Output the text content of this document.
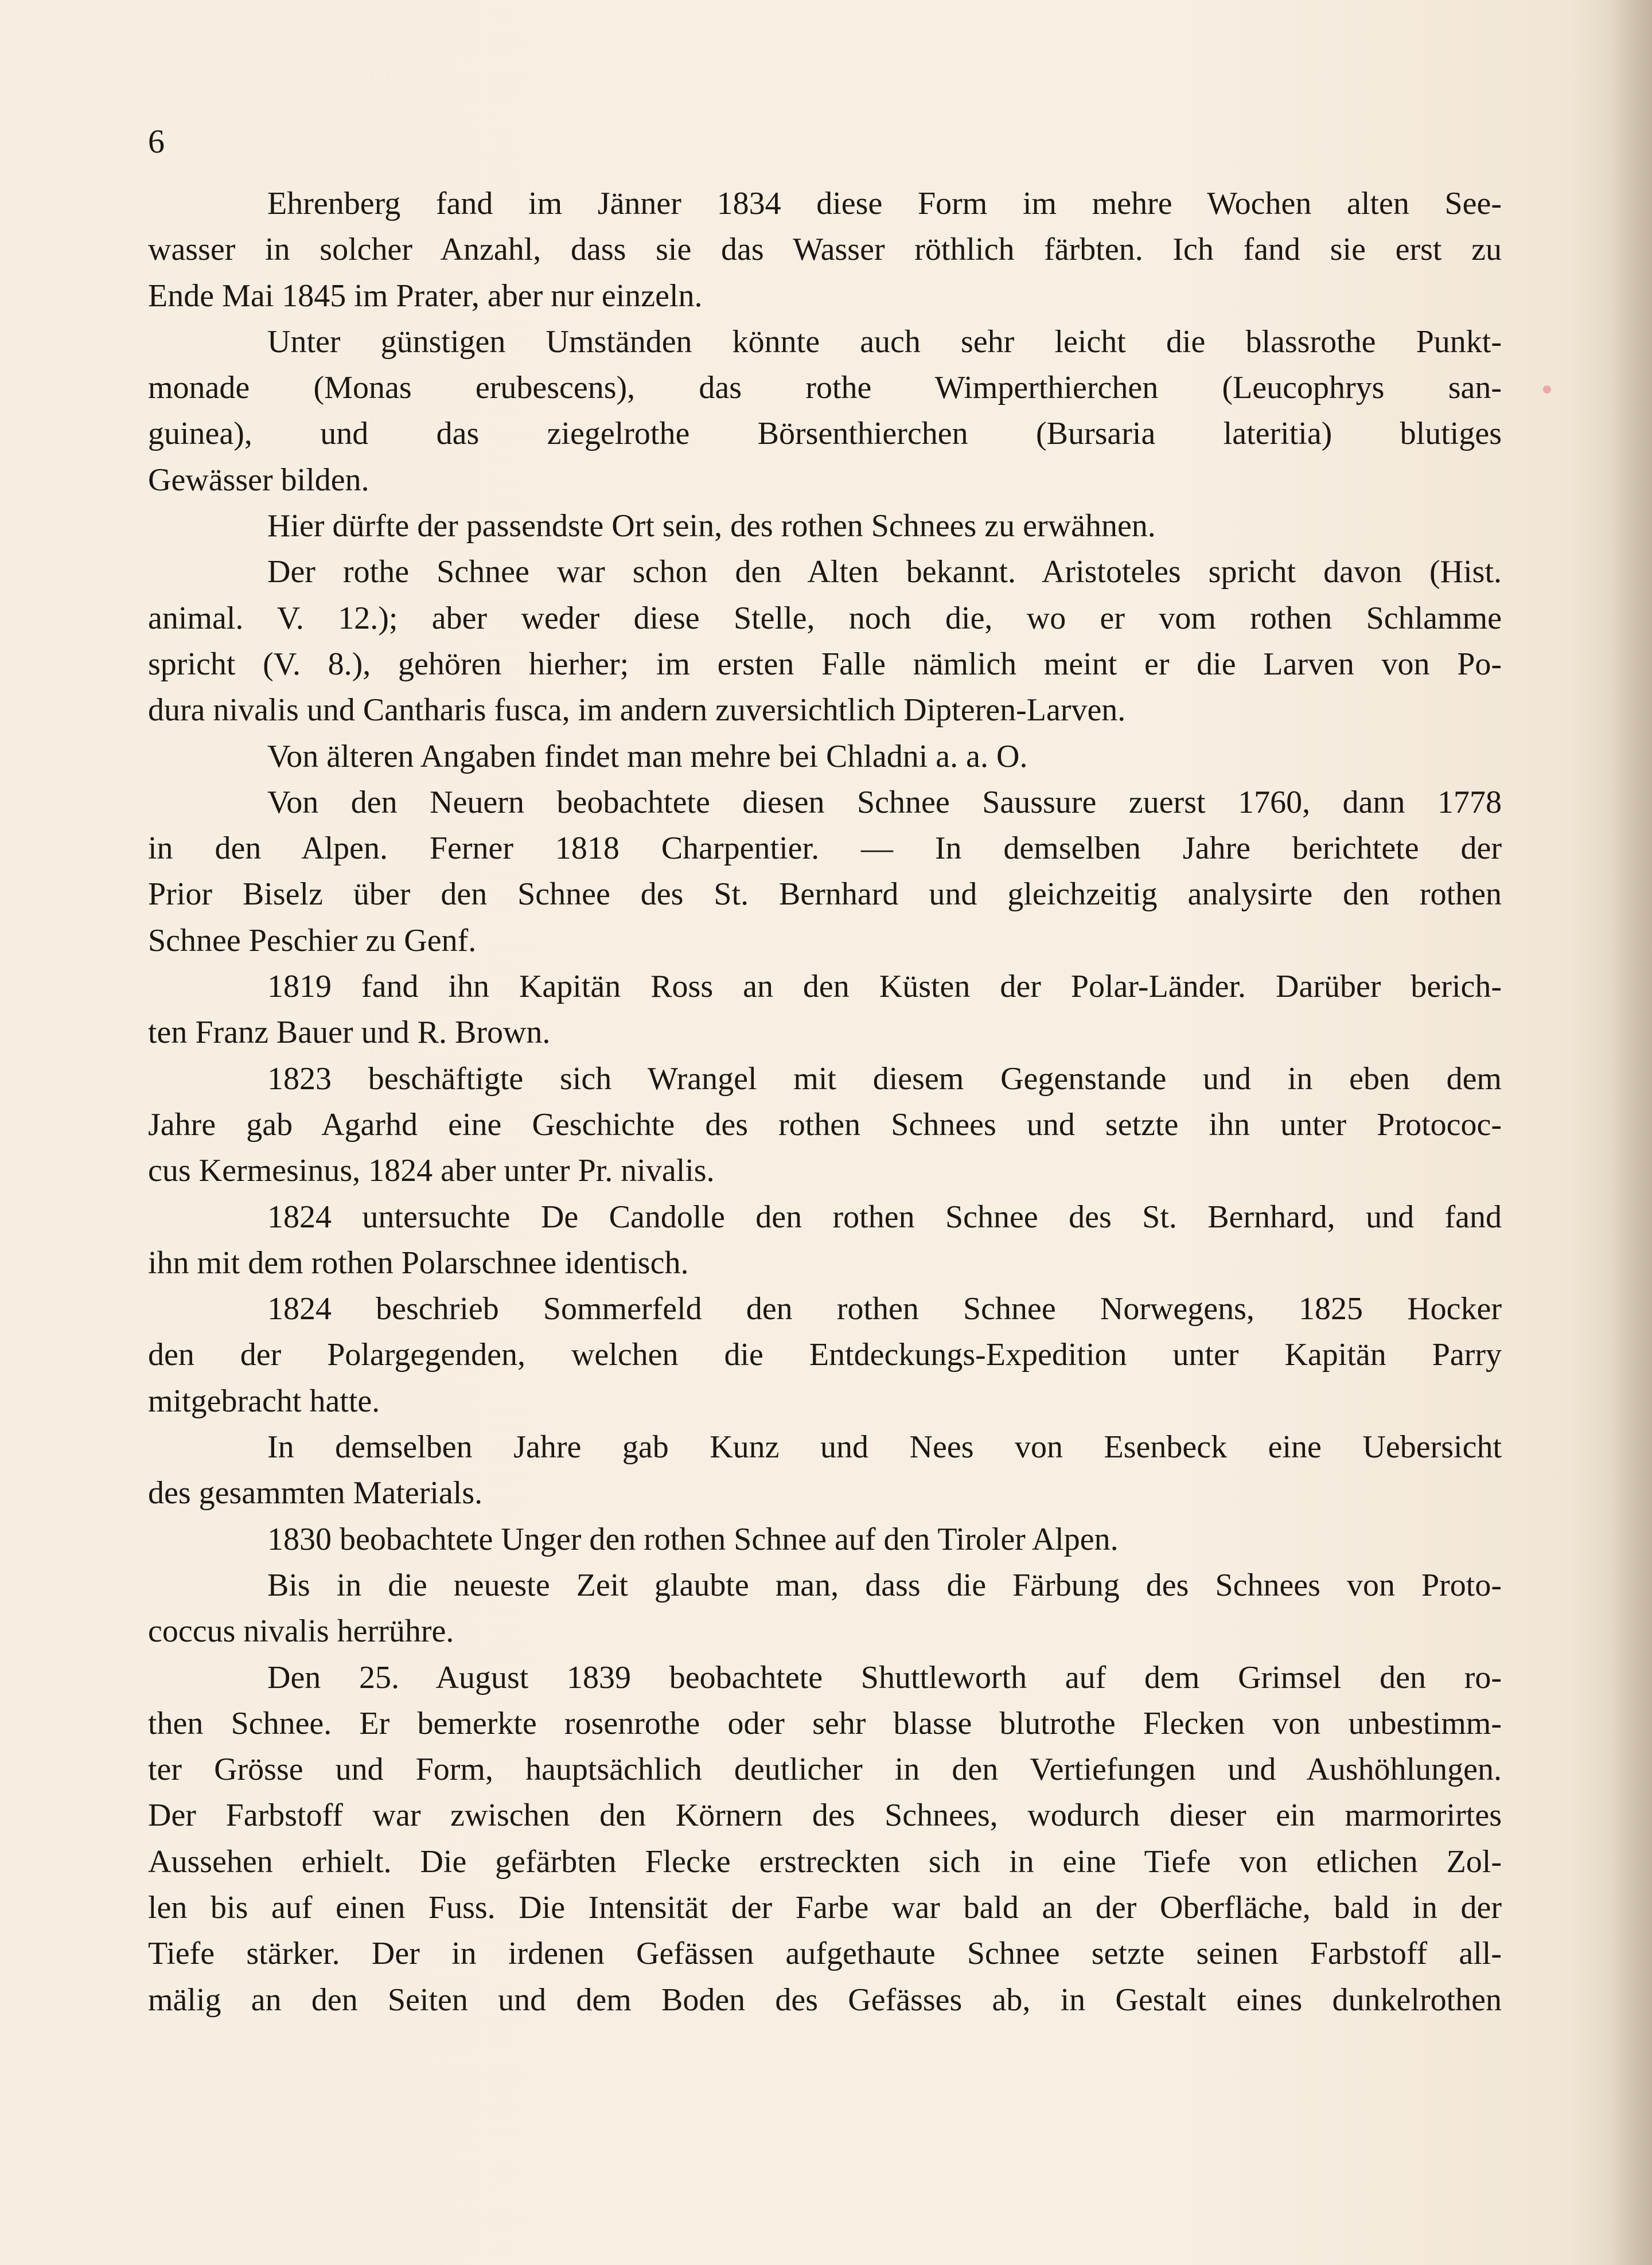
6
Ehrenberg fand im Jänner 1834 diese Form im mehre Wochen alten See-
wasser in solcher Anzahl, dass sie das Wasser röthlich färbten. Ich fand sie erst zu
Ende Mai 1845 im Prater, aber nur einzeln.
Unter günstigen Umständen könnte auch sehr leicht die blassrothe Punkt-
monade (Monas erubescens), das rothe Wimperthierchen (Leucophrys san-
guinea), und das ziegelrothe Börsenthierchen (Bursaria lateritia) blutiges
Gewässer bilden.
Hier dürfte der passendste Ort sein, des rothen Schnees zu erwähnen.
Der rothe Schnee war schon den Alten bekannt. Aristoteles spricht davon (Hist.
animal. V. 12.); aber weder diese Stelle, noch die, wo er vom rothen Schlamme
spricht (V. 8.), gehören hierher; im ersten Falle nämlich meint er die Larven von Po-
dura nivalis und Cantharis fusca, im andern zuversichtlich Dipteren-Larven.
Von älteren Angaben findet man mehre bei Chladni a. a. O.
Von den Neuern beobachtete diesen Schnee Saussure zuerst 1760, dann 1778
in den Alpen. Ferner 1818 Charpentier. — In demselben Jahre berichtete der
Prior Biselz über den Schnee des St. Bernhard und gleichzeitig analysirte den rothen
Schnee Peschier zu Genf.
1819 fand ihn Kapitän Ross an den Küsten der Polar-Länder. Darüber berich-
ten Franz Bauer und R. Brown.
1823 beschäftigte sich Wrangel mit diesem Gegenstande und in eben dem
Jahre gab Agarhd eine Geschichte des rothen Schnees und setzte ihn unter Protococ-
cus Kermesinus, 1824 aber unter Pr. nivalis.
1824 untersuchte De Candolle den rothen Schnee des St. Bernhard, und fand
ihn mit dem rothen Polarschnee identisch.
1824 beschrieb Sommerfeld den rothen Schnee Norwegens, 1825 Hocker
den der Polargegenden, welchen die Entdeckungs-Expedition unter Kapitän Parry
mitgebracht hatte.
In demselben Jahre gab Kunz und Nees von Esenbeck eine Uebersicht
des gesammten Materials.
1830 beobachtete Unger den rothen Schnee auf den Tiroler Alpen.
Bis in die neueste Zeit glaubte man, dass die Färbung des Schnees von Proto-
coccus nivalis herrühre.
Den 25. August 1839 beobachtete Shuttleworth auf dem Grimsel den ro-
then Schnee. Er bemerkte rosenrothe oder sehr blasse blutrothe Flecken von unbestimm-
ter Grösse und Form, hauptsächlich deutlicher in den Vertiefungen und Aushöhlungen.
Der Farbstoff war zwischen den Körnern des Schnees, wodurch dieser ein marmorirtes
Aussehen erhielt. Die gefärbten Flecke erstreckten sich in eine Tiefe von etlichen Zol-
len bis auf einen Fuss. Die Intensität der Farbe war bald an der Oberfläche, bald in der
Tiefe stärker. Der in irdenen Gefässen aufgethaute Schnee setzte seinen Farbstoff all-
mälig an den Seiten und dem Boden des Gefässes ab, in Gestalt eines dunkelrothen
